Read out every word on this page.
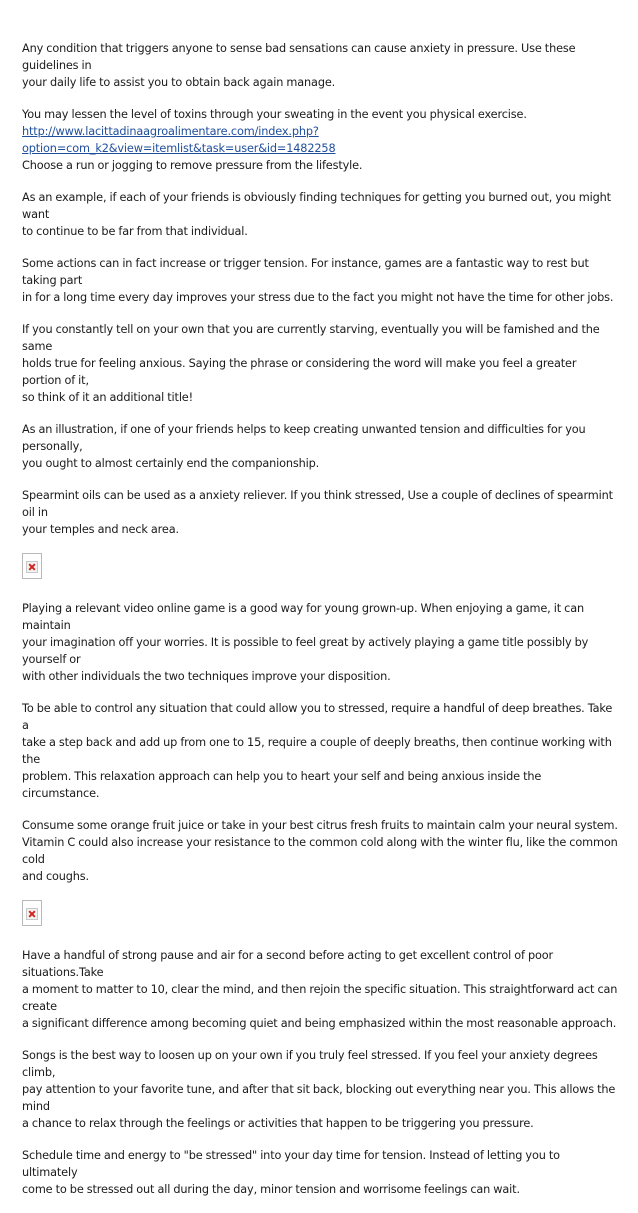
Any condition that triggers anyone to sense bad sensations can cause anxiety in pressure. Use these guidelines in
your daily life to assist you to obtain back again manage.

You may lessen the level of toxins through your sweating in the event you physical exercise.
http://www.lacittadinaagroalimentare.com/index.php?option=com_k2&view=itemlist&task=user&id=1482258
Choose a run or jogging to remove pressure from the lifestyle.

As an example, if each of your friends is obviously finding techniques for getting you burned out, you might want
to continue to be far from that individual.

Some actions can in fact increase or trigger tension. For instance, games are a fantastic way to rest but taking part
in for a long time every day improves your stress due to the fact you might not have the time for other jobs.

If you constantly tell on your own that you are currently starving, eventually you will be famished and the same
holds true for feeling anxious. Saying the phrase or considering the word will make you feel a greater portion of it,
so think of it an additional title!

As an illustration, if one of your friends helps to keep creating unwanted tension and difficulties for you personally,
you ought to almost certainly end the companionship.

Spearmint oils can be used as a anxiety reliever. If you think stressed, Use a couple of declines of spearmint oil in
your temples and neck area.

Playing a relevant video online game is a good way for young grown-up. When enjoying a game, it can maintain
your imagination off your worries. It is possible to feel great by actively playing a game title possibly by yourself or
with other individuals the two techniques improve your disposition.

To be able to control any situation that could allow you to stressed, require a handful of deep breathes. Take a
take a step back and add up from one to 15, require a couple of deeply breaths, then continue working with the
problem. This relaxation approach can help you to heart your self and being anxious inside the circumstance.

Consume some orange fruit juice or take in your best citrus fresh fruits to maintain calm your neural system.
Vitamin C could also increase your resistance to the common cold along with the winter flu, like the common cold
and coughs.

Have a handful of strong pause and air for a second before acting to get excellent control of poor situations.Take
a moment to matter to 10, clear the mind, and then rejoin the specific situation. This straightforward act can create
a significant difference among becoming quiet and being emphasized within the most reasonable approach.

Songs is the best way to loosen up on your own if you truly feel stressed. If you feel your anxiety degrees climb,
pay attention to your favorite tune, and after that sit back, blocking out everything near you. This allows the mind
a chance to relax through the feelings or activities that happen to be triggering you pressure.

Schedule time and energy to "be stressed" into your day time for tension. Instead of letting you to ultimately
come to be stressed out all during the day, minor tension and worrisome feelings can wait.
